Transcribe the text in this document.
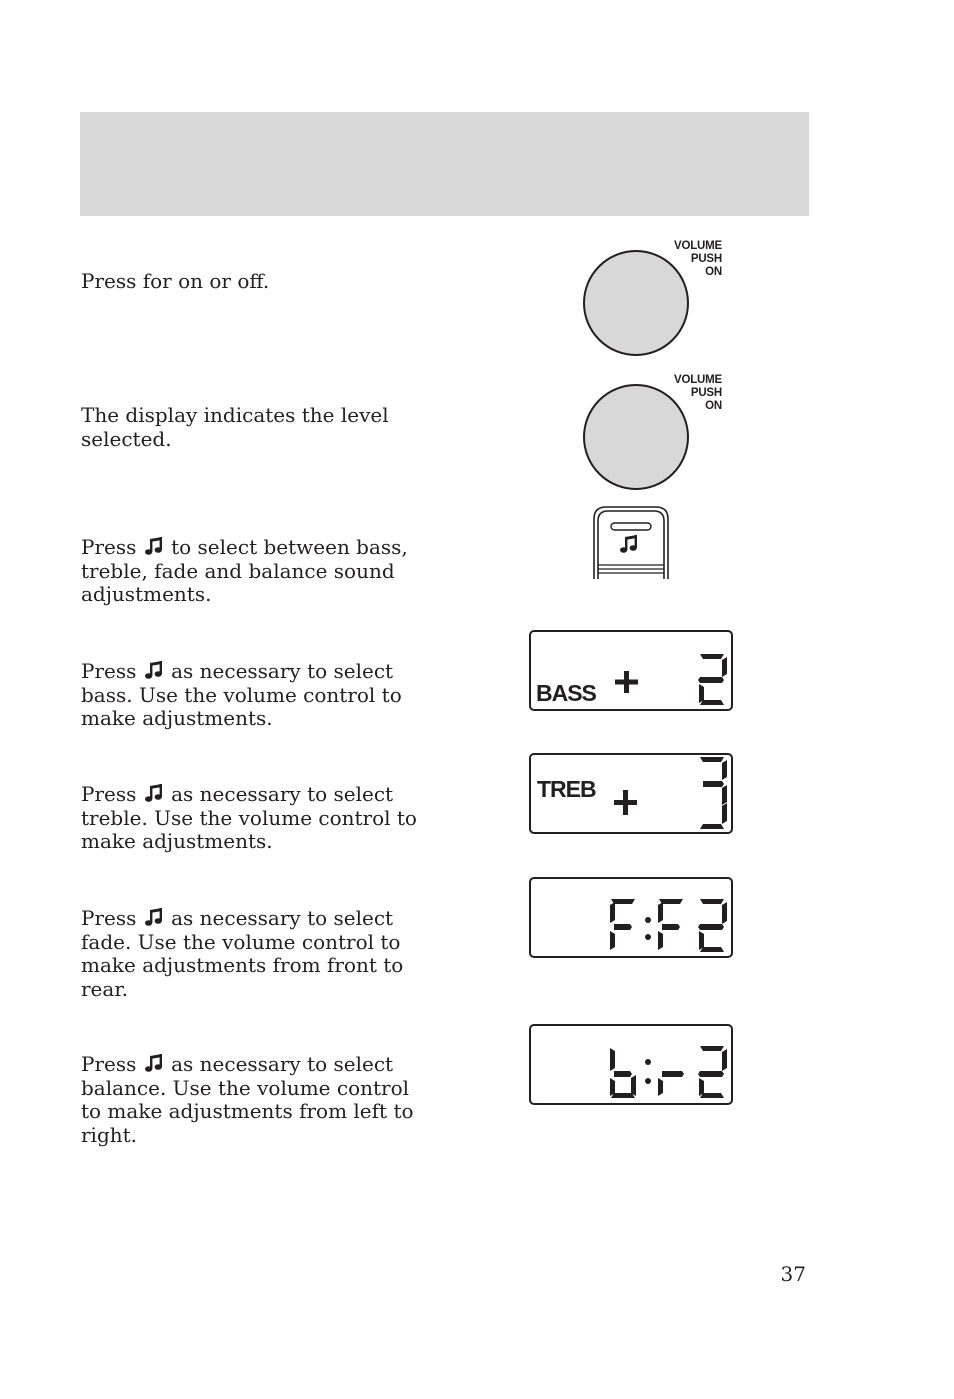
Press for on or off.

The display indicates the level selected.

Press to select between bass, treble, fade and balance sound adjustments.

Press as necessary to select bass. Use the volume control to make adjustments.

Press as necessary to select treble. Use the volume control to make adjustments.

Press as necessary to select fade. Use the volume control to make adjustments from front to rear.

Press as necessary to select balance. Use the volume control to make adjustments from left to right.

VOLUME
PUSH
ON
VOLUME
PUSH
ON
BASS
TREB
37
